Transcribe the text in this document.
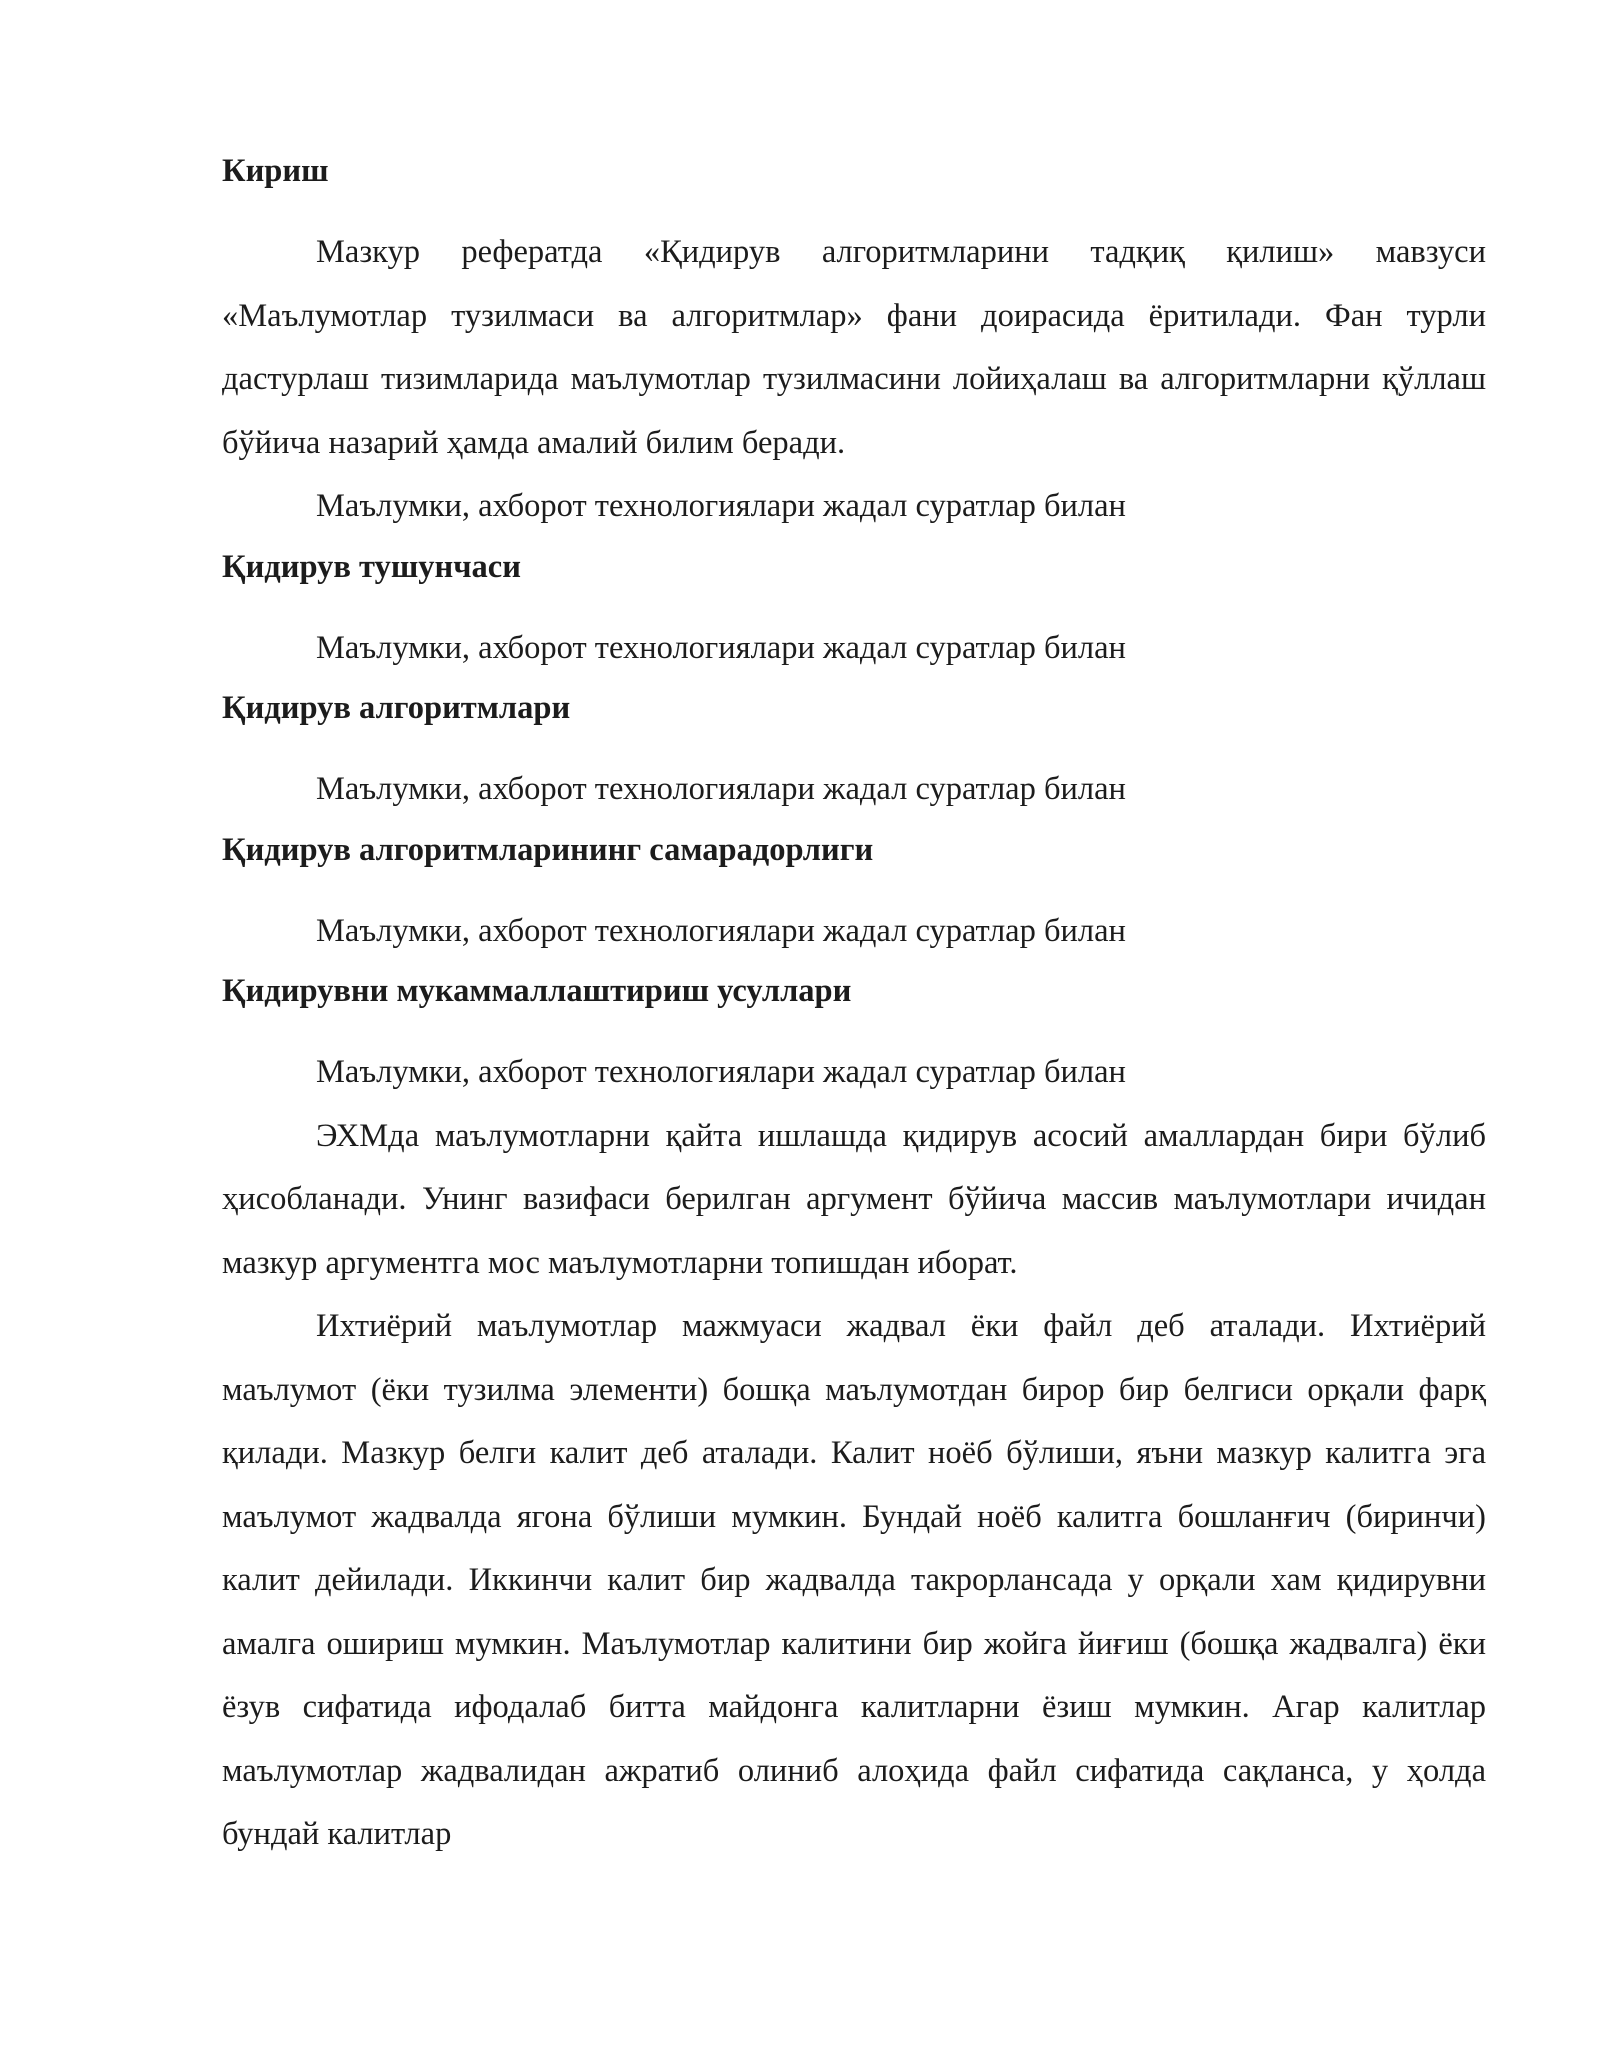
Кириш

Мазкур рефератда «Қидирув алгоритмларини тадқиқ қилиш» мавзуси «Маълумотлар тузилмаси ва алгоритмлар» фани доирасида ёритилади. Фан турли дастурлаш тизимларида маълумотлар тузилмасини лойиҳалаш ва алгоритмларни қўллаш бўйича назарий ҳамда амалий билим беради.

Маълумки, ахборот технологиялари жадал суратлар билан

Қидирув тушунчаси

Маълумки, ахборот технологиялари жадал суратлар билан

Қидирув алгоритмлари

Маълумки, ахборот технологиялари жадал суратлар билан

Қидирув алгоритмларининг самарадорлиги

Маълумки, ахборот технологиялари жадал суратлар билан

Қидирувни мукаммаллаштириш усуллари

Маълумки, ахборот технологиялари жадал суратлар билан

ЭХМда маълумотларни қайта ишлашда қидирув асосий амаллардан бири бўлиб ҳисобланади. Унинг вазифаси берилган аргумент бўйича массив маълумотлари ичидан мазкур аргументга мос маълумотларни топишдан иборат.

Ихтиёрий маълумотлар мажмуаси жадвал ёки файл деб аталади. Ихтиёрий маълумот (ёки тузилма элементи) бошқа маълумотдан бирор бир белгиси орқали фарқ қилади. Мазкур белги калит деб аталади. Калит ноёб бўлиши, яъни мазкур калитга эга маълумот жадвалда ягона бўлиши мумкин. Бундай ноёб калитга бошланғич (биринчи) калит дейилади. Иккинчи калит бир жадвалда такрорлансада у орқали хам қидирувни амалга ошириш мумкин. Маълумотлар калитини бир жойга йиғиш (бошқа жадвалга) ёки ёзув сифатида ифодалаб битта майдонга калитларни ёзиш мумкин. Агар калитлар маълумотлар жадвалидан ажратиб олиниб алоҳида файл сифатида сақланса, у ҳолда бундай калитлар
